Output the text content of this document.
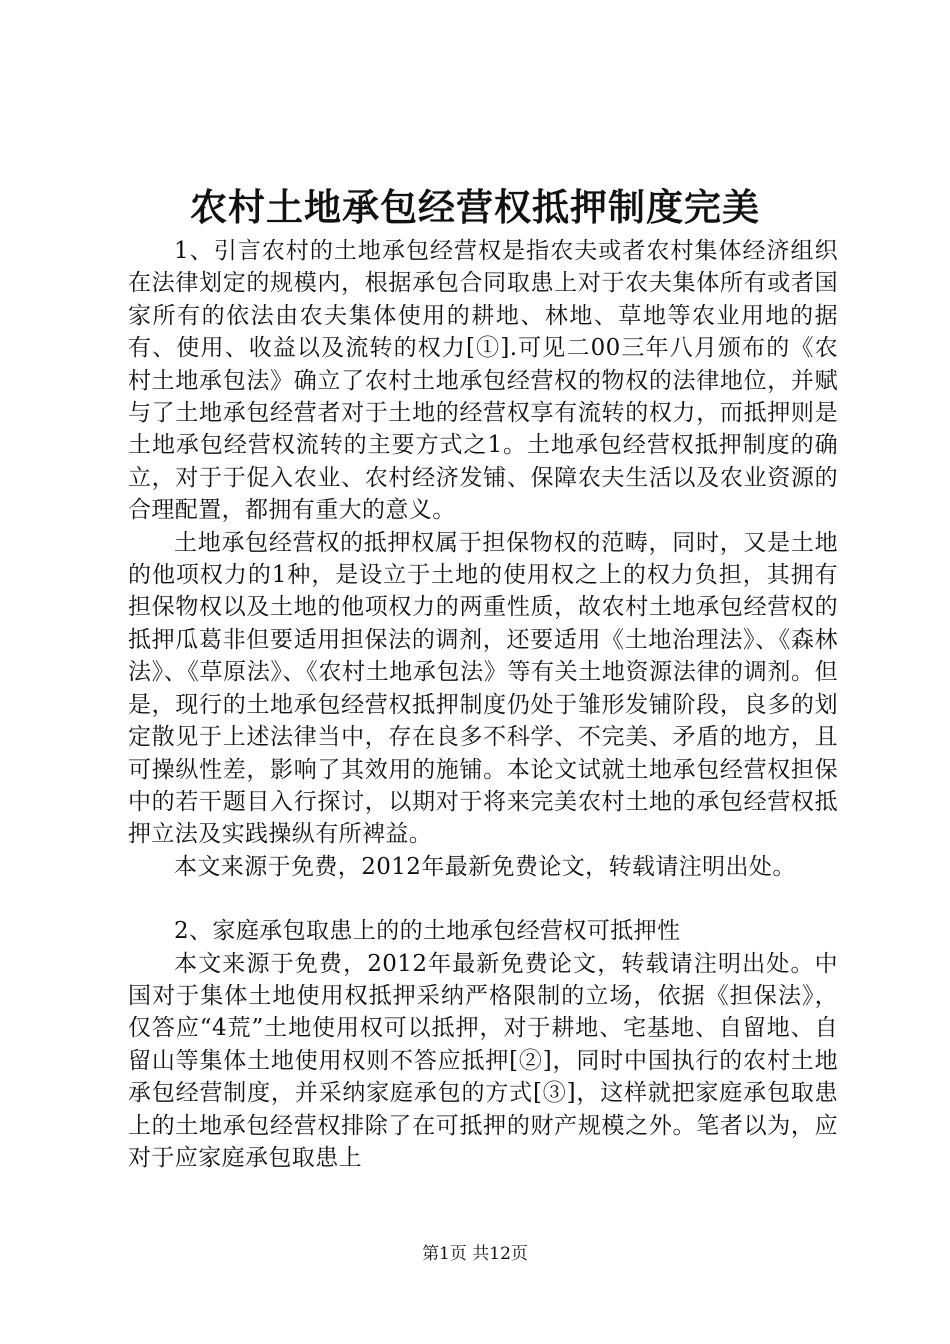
农村土地承包经营权抵押制度完美

1、引言农村的土地承包经营权是指农夫或者农村集体经济组织在法律划定的规模内，根据承包合同取患上对于农夫集体所有或者国家所有的依法由农夫集体使用的耕地、林地、草地等农业用地的据有、使用、收益以及流转的权力[①].可见二00三年八月颁布的《农村土地承包法》确立了农村土地承包经营权的物权的法律地位，并赋与了土地承包经营者对于土地的经营权享有流转的权力，而抵押则是土地承包经营权流转的主要方式之1。土地承包经营权抵押制度的确立，对于于促入农业、农村经济发铺、保障农夫生活以及农业资源的合理配置，都拥有重大的意义。

土地承包经营权的抵押权属于担保物权的范畴，同时，又是土地的他项权力的1种，是设立于土地的使用权之上的权力负担，其拥有担保物权以及土地的他项权力的两重性质，故农村土地承包经营权的抵押瓜葛非但要适用担保法的调剂，还要适用《土地治理法》、《森林法》、《草原法》、《农村土地承包法》等有关土地资源法律的调剂。但是，现行的土地承包经营权抵押制度仍处于雏形发铺阶段，良多的划定散见于上述法律当中，存在良多不科学、不完美、矛盾的地方，且可操纵性差，影响了其效用的施铺。本论文试就土地承包经营权担保中的若干题目入行探讨，以期对于将来完美农村土地的承包经营权抵押立法及实践操纵有所裨益。

本文来源于免费，2012年最新免费论文，转载请注明出处。

2、家庭承包取患上的的土地承包经营权可抵押性

本文来源于免费，2012年最新免费论文，转载请注明出处。中国对于集体土地使用权抵押采纳严格限制的立场，依据《担保法》，仅答应“4荒”土地使用权可以抵押，对于耕地、宅基地、自留地、自留山等集体土地使用权则不答应抵押[②]，同时中国执行的农村土地承包经营制度，并采纳家庭承包的方式[③]，这样就把家庭承包取患上的土地承包经营权排除了在可抵押的财产规模之外。笔者以为，应对于应家庭承包取患上

第1页 共12页
